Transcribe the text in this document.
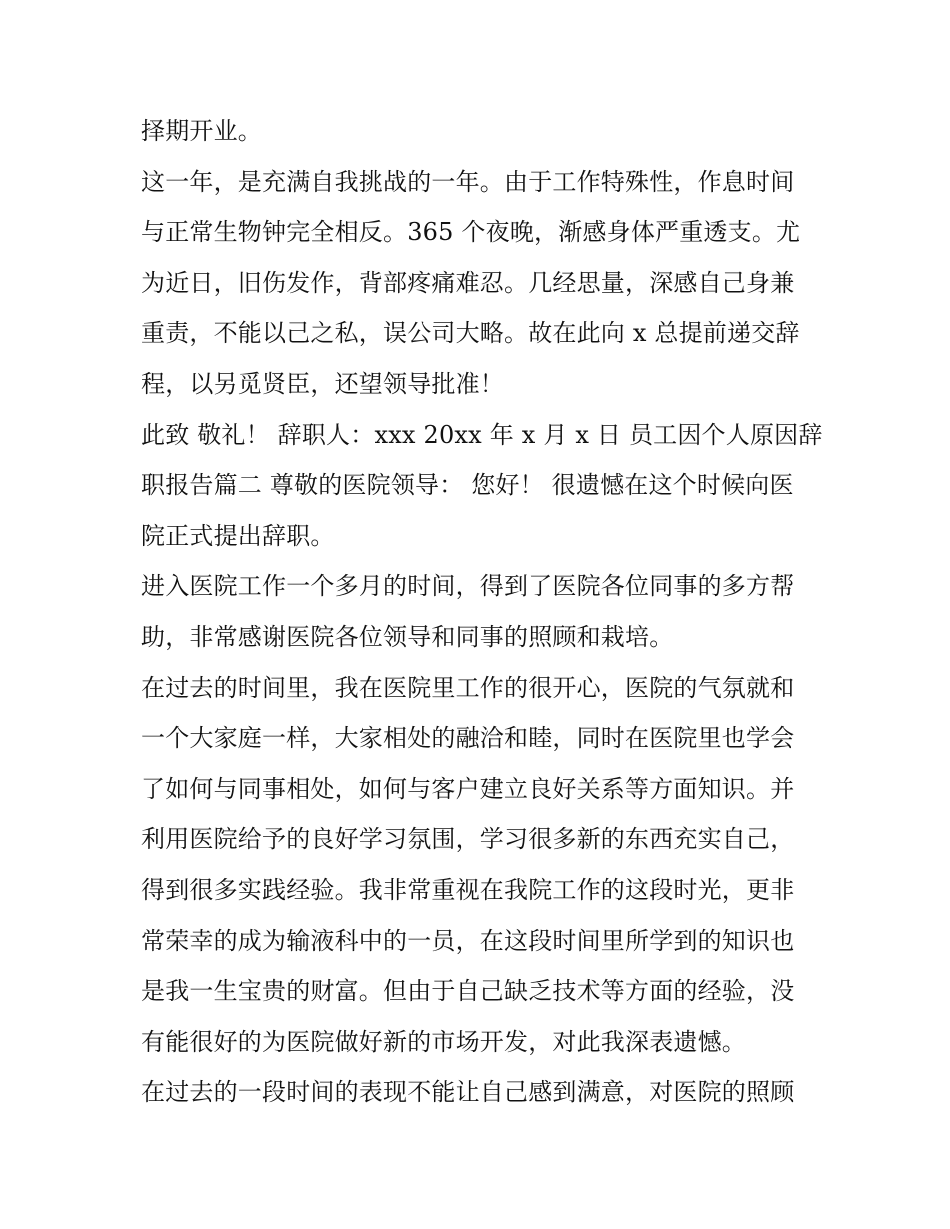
择期开业。
这一年，是充满自我挑战的一年。由于工作特殊性，作息时间
与正常生物钟完全相反。365 个夜晚，渐感身体严重透支。尤
为近日，旧伤发作，背部疼痛难忍。几经思量，深感自己身兼
重责，不能以己之私，误公司大略。故在此向 x 总提前递交辞
程，以另觅贤臣，还望领导批准！
此致 敬礼！ 辞职人：xxx 20xx 年 x 月 x 日 员工因个人原因辞
职报告篇二 尊敬的医院领导： 您好！ 很遗憾在这个时候向医
院正式提出辞职。
进入医院工作一个多月的时间，得到了医院各位同事的多方帮
助，非常感谢医院各位领导和同事的照顾和栽培。
在过去的时间里，我在医院里工作的很开心，医院的气氛就和
一个大家庭一样，大家相处的融洽和睦，同时在医院里也学会
了如何与同事相处，如何与客户建立良好关系等方面知识。并
利用医院给予的良好学习氛围，学习很多新的东西充实自己，
得到很多实践经验。我非常重视在我院工作的这段时光，更非
常荣幸的成为输液科中的一员，在这段时间里所学到的知识也
是我一生宝贵的财富。但由于自己缺乏技术等方面的经验，没
有能很好的为医院做好新的市场开发，对此我深表遗憾。
在过去的一段时间的表现不能让自己感到满意，对医院的照顾
